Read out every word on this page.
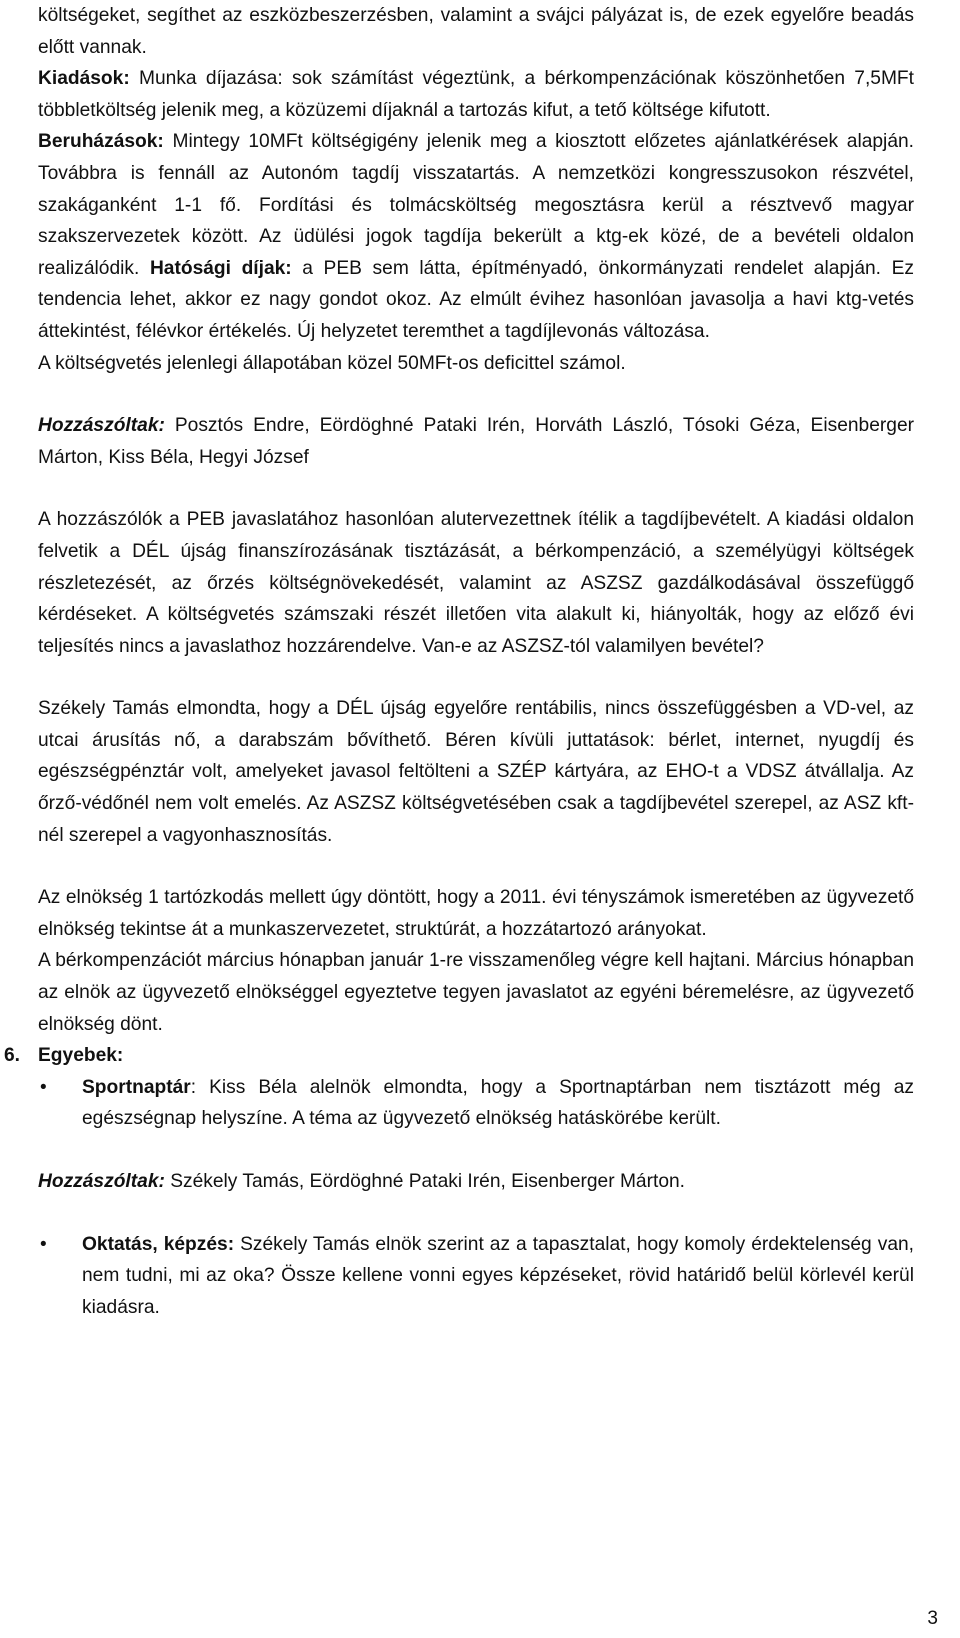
költségeket, segíthet az eszközbeszerzésben, valamint a svájci pályázat is, de ezek egyelőre beadás előtt vannak.
Kiadások: Munka díjazása: sok számítást végeztünk, a bérkompenzációnak köszönhetően 7,5MFt többletköltség jelenik meg, a közüzemi díjaknál a tartozás kifut, a tető költsége kifutott.
Beruházások: Mintegy 10MFt költségigény jelenik meg a kiosztott előzetes ajánlatkérések alapján. Továbbra is fennáll az Autonóm tagdíj visszatartás. A nemzetközi kongresszusokon részvétel, szakáganként 1-1 fő. Fordítási és tolmácsköltség megosztásra kerül a résztvevő magyar szakszervezetek között. Az üdülési jogok tagdíja bekerült a ktg-ek közé, de a bevételi oldalon realizálódik. Hatósági díjak: a PEB sem látta, építményadó, önkormányzati rendelet alapján. Ez tendencia lehet, akkor ez nagy gondot okoz. Az elmúlt évihez hasonlóan javasolja a havi ktg-vetés áttekintést, félévkor értékelés. Új helyzetet teremthet a tagdíjlevonás változása.
A költségvetés jelenlegi állapotában közel 50MFt-os deficittel számol.

Hozzászóltak: Posztós Endre, Eördöghné Pataki Irén, Horváth László, Tósoki Géza, Eisenberger Márton, Kiss Béla, Hegyi József

A hozzászólók a PEB javaslatához hasonlóan alutervezettnek ítélik a tagdíjbevételt. A kiadási oldalon felvetik a DÉL újság finanszírozásának tisztázását, a bérkompenzáció, a személyügyi költségek részletezését, az őrzés költségnövekedését, valamint az ASZSZ gazdálkodásával összefüggő kérdéseket. A költségvetés számszaki részét illetően vita alakult ki, hiányolták, hogy az előző évi teljesítés nincs a javaslathoz hozzárendelve. Van-e az ASZSZ-tól valamilyen bevétel?

Székely Tamás elmondta, hogy a DÉL újság egyelőre rentábilis, nincs összefüggésben a VD-vel, az utcai árusítás nő, a darabszám bővíthető. Béren kívüli juttatások: bérlet, internet, nyugdíj és egészségpénztár volt, amelyeket javasol feltölteni a SZÉP kártyára, az EHO-t a VDSZ átvállalja. Az őrző-védőnél nem volt emelés. Az ASZSZ költségvetésében csak a tagdíjbevétel szerepel, az ASZ kft-nél szerepel a vagyonhasznosítás.

Az elnökség 1 tartózkodás mellett úgy döntött, hogy a 2011. évi tényszámok ismeretében az ügyvezető elnökség tekintse át a munkaszervezetet, struktúrát, a hozzátartozó arányokat.
A bérkompenzációt március hónapban január 1-re visszamenőleg végre kell hajtani. Március hónapban az elnök az ügyvezető elnökséggel egyeztetve tegyen javaslatot az egyéni béremelésre, az ügyvezető elnökség dönt.

6. Egyebek:
•	Sportnaptár: Kiss Béla alelnök elmondta, hogy a Sportnaptárban nem tisztázott még az egészségnap helyszíne. A téma az ügyvezető elnökség hatáskörébe került.

Hozzászóltak: Székely Tamás, Eördöghné Pataki Irén, Eisenberger Márton.

•	Oktatás, képzés: Székely Tamás elnök szerint az a tapasztalat, hogy komoly érdektelenség van, nem tudni, mi az oka? Össze kellene vonni egyes képzéseket, rövid határidő belül körlevél kerül kiadásra.

3
